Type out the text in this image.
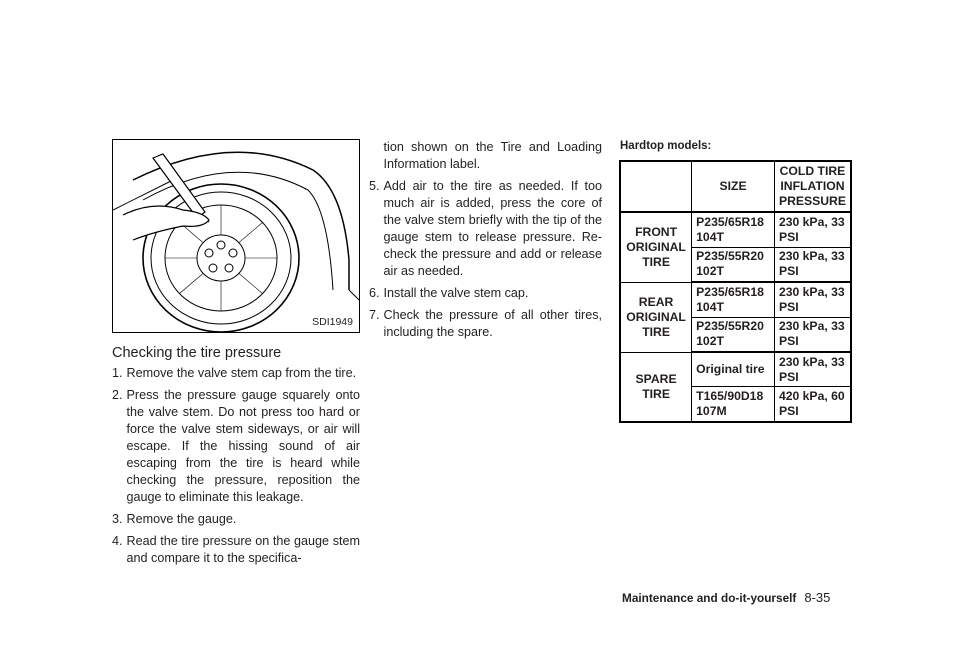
SDI1949
Checking the tire pressure
1. Remove the valve stem cap from the tire.
2. Press the pressure gauge squarely onto the valve stem. Do not press too hard or force the valve stem sideways, or air will escape. If the hissing sound of air escaping from the tire is heard while checking the pressure, reposition the gauge to eliminate this leakage.
3. Remove the gauge.
4. Read the tire pressure on the gauge stem and compare it to the specifica-
tion shown on the Tire and Loading Information label.
5. Add air to the tire as needed. If too much air is added, press the core of the valve stem briefly with the tip of the gauge stem to release pressure. Re-check the pressure and add or release air as needed.
6. Install the valve stem cap.
7. Check the pressure of all other tires, including the spare.
Hardtop models:
	SIZE	COLD TIRE INFLATION PRESSURE
FRONT ORIGINAL TIRE	P235/65R18 104T	230 kPa, 33 PSI
	P235/55R20 102T	230 kPa, 33 PSI
REAR ORIGINAL TIRE	P235/65R18 104T	230 kPa, 33 PSI
	P235/55R20 102T	230 kPa, 33 PSI
SPARE TIRE	Original tire	230 kPa, 33 PSI
	T165/90D18 107M	420 kPa, 60 PSI
Maintenance and do-it-yourself 8-35
